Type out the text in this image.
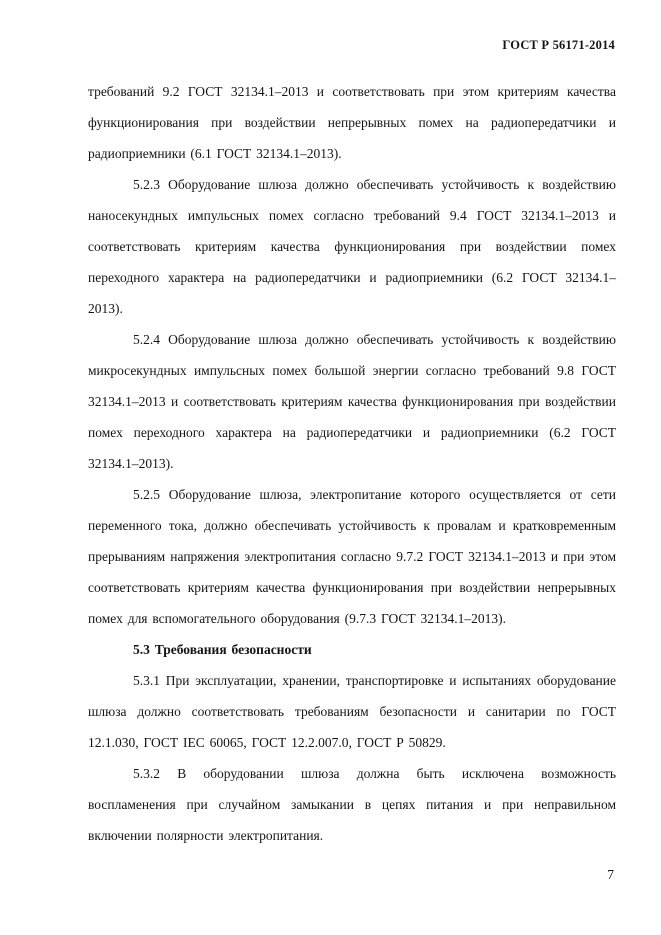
ГОСТ Р 56171-2014

требований 9.2 ГОСТ 32134.1–2013 и соответствовать при этом критериям качества функционирования при воздействии непрерывных помех на радиопередатчики и радиоприемники (6.1 ГОСТ 32134.1–2013).

5.2.3 Оборудование шлюза должно обеспечивать устойчивость к воздействию наносекундных импульсных помех согласно требований 9.4 ГОСТ 32134.1–2013 и соответствовать критериям качества функционирования при воздействии помех переходного характера на радиопередатчики и радиоприемники (6.2 ГОСТ 32134.1–2013).

5.2.4 Оборудование шлюза должно обеспечивать устойчивость к воздействию микросекундных импульсных помех большой энергии согласно требований 9.8 ГОСТ 32134.1–2013 и соответствовать критериям качества функционирования при воздействии помех переходного характера на радиопередатчики и радиоприемники (6.2 ГОСТ 32134.1–2013).

5.2.5 Оборудование шлюза, электропитание которого осуществляется от сети переменного тока, должно обеспечивать устойчивость к провалам и кратковременным прерываниям напряжения электропитания согласно 9.7.2 ГОСТ 32134.1–2013 и при этом соответствовать критериям качества функционирования при воздействии непрерывных помех для вспомогательного оборудования (9.7.3 ГОСТ 32134.1–2013).

5.3 Требования безопасности

5.3.1 При эксплуатации, хранении, транспортировке и испытаниях оборудование шлюза должно соответствовать требованиям безопасности и санитарии по ГОСТ 12.1.030, ГОСТ IEC 60065, ГОСТ 12.2.007.0, ГОСТ Р 50829.

5.3.2 В оборудовании шлюза должна быть исключена возможность воспламенения при случайном замыкании в цепях питания и при неправильном включении полярности электропитания.

7
